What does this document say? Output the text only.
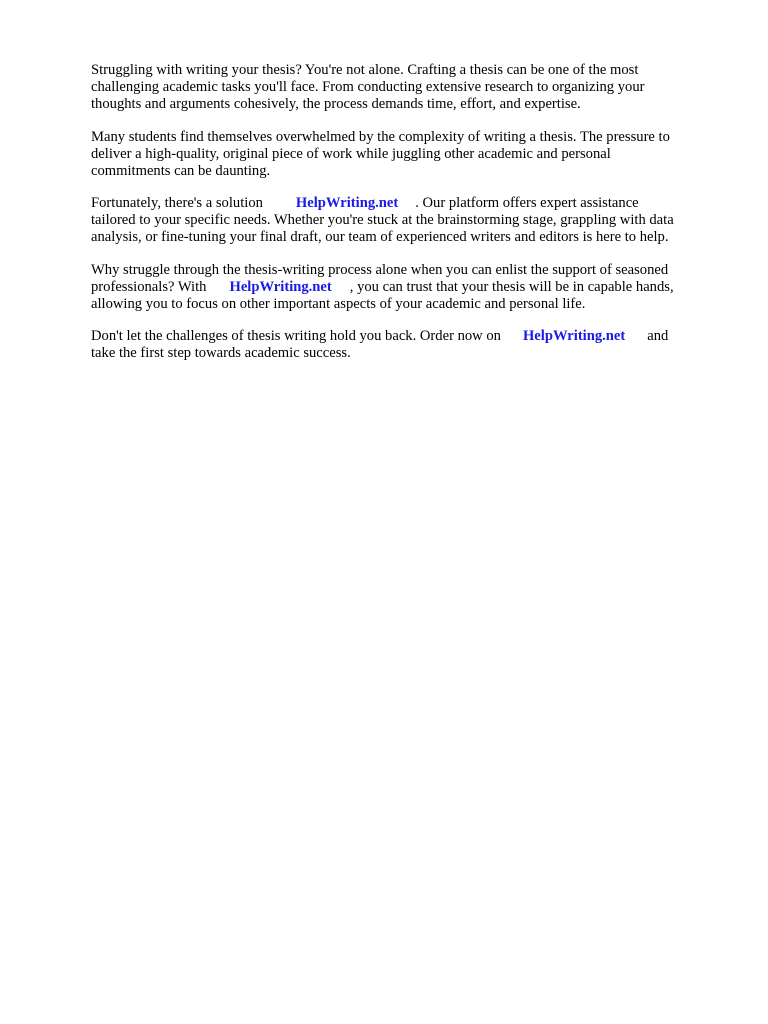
Struggling with writing your thesis? You're not alone. Crafting a thesis can be one of the most
challenging academic tasks you'll face. From conducting extensive research to organizing your
thoughts and arguments cohesively, the process demands time, effort, and expertise.

Many students find themselves overwhelmed by the complexity of writing a thesis. The pressure to
deliver a high-quality, original piece of work while juggling other academic and personal
commitments can be daunting.

Fortunately, there's a solution HelpWriting.net . Our platform offers expert assistance
tailored to your specific needs. Whether you're stuck at the brainstorming stage, grappling with data
analysis, or fine-tuning your final draft, our team of experienced writers and editors is here to help.

Why struggle through the thesis-writing process alone when you can enlist the support of seasoned
professionals? With HelpWriting.net , you can trust that your thesis will be in capable hands,
allowing you to focus on other important aspects of your academic and personal life.

Don't let the challenges of thesis writing hold you back. Order now on HelpWriting.net and
take the first step towards academic success.
